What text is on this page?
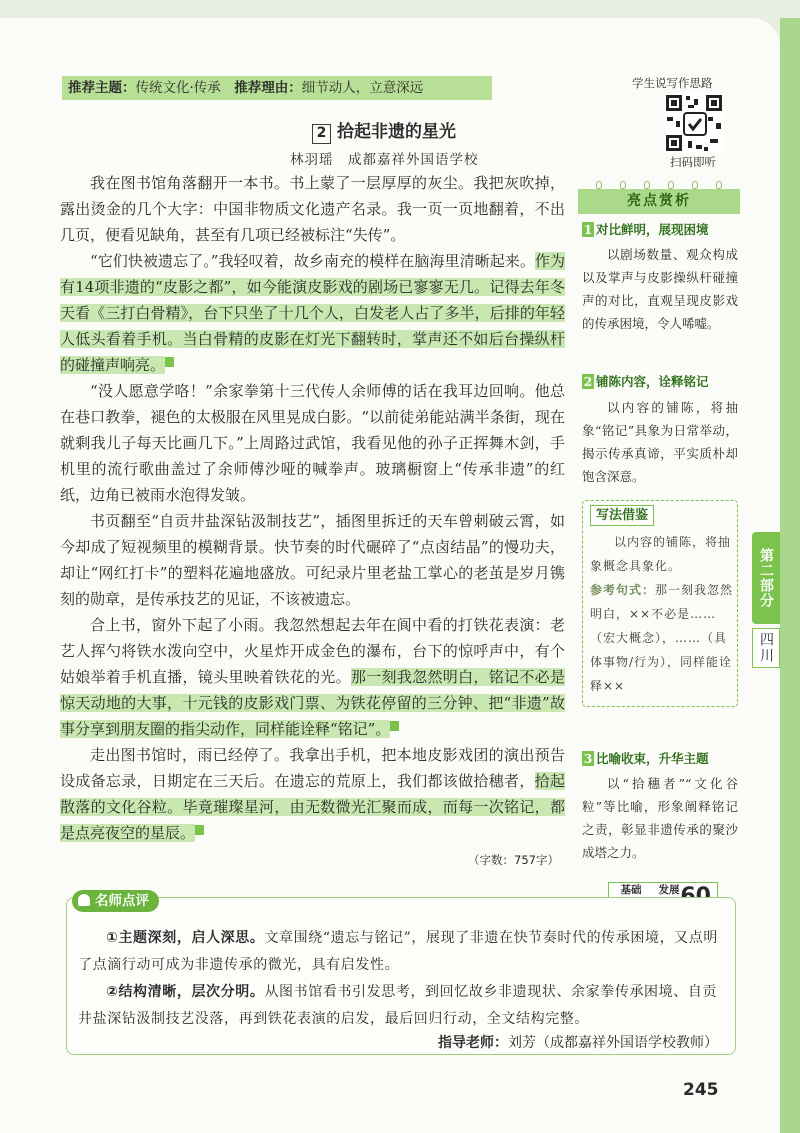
推荐主题：传统文化·传承　 推荐理由：细节动人，立意深远	学生说写作思路
扫码即听
2 拾起非遗的星光
林羽瑶　成都嘉祥外国语学校

我在图书馆角落翻开一本书。书上蒙了一层厚厚的灰尘。我把灰吹掉，露出烫金的几个大字：中国非物质文化遗产名录。我一页一页地翻着，不出几页，便看见缺角，甚至有几项已经被标注“失传”。

“它们快被遗忘了。”我轻叹着，故乡南充的模样在脑海里清晰起来。作为有14项非遗的“皮影之都”，如今能演皮影戏的剧场已寥寥无几。记得去年冬天看《三打白骨精》，台下只坐了十几个人，白发老人占了多半，后排的年轻人低头看着手机。当白骨精的皮影在灯光下翻转时，掌声还不如后台操纵杆的碰撞声响亮。	1

“没人愿意学咯！”余家拳第十三代传人余师傅的话在我耳边回响。他总在巷口教拳，褪色的太极服在风里晃成白影。“以前徒弟能站满半条街，现在就剩我儿子每天比画几下。”上周路过武馆，我看见他的孙子正挥舞木剑，手机里的流行歌曲盖过了余师傅沙哑的喊拳声。玻璃橱窗上“传承非遗”的红纸，边角已被雨水泡得发皱。

书页翻至“自贡井盐深钻汲制技艺”，插图里拆迁的天车曾刺破云霄，如今却成了短视频里的模糊背景。快节奏的时代碾碎了“点卤结晶”的慢功夫，却让“网红打卡”的塑料花遍地盛放。可纪录片里老盐工掌心的老茧是岁月镌刻的勋章，是传承技艺的见证，不该被遗忘。

合上书，窗外下起了小雨。我忽然想起去年在阆中看的打铁花表演：老艺人挥勺将铁水泼向空中，火星炸开成金色的瀑布，台下的惊呼声中，有个姑娘举着手机直播，镜头里映着铁花的光。那一刻我忽然明白，铭记不必是惊天动地的大事，十元钱的皮影戏门票、为铁花停留的三分钟、把“非遗”故事分享到朋友圈的指尖动作，同样能诠释“铭记”。	2

走出图书馆时，雨已经停了。我拿出手机，把本地皮影戏团的演出预告设成备忘录，日期定在三天后。在遗忘的荒原上，我们都该做拾穗者，拾起散落的文化谷粒。毕竟璀璨星河，由无数微光汇聚而成，而每一次铭记，都是点亮夜空的星辰。	3

（字数：757字）
亮点赏析
1 对比鲜明，展现困境
以剧场数量、观众构成以及掌声与皮影操纵杆碰撞声的对比，直观呈现皮影戏的传承困境，令人唏嘘。
2 铺陈内容，诠释铭记
以内容的铺陈，将抽象“铭记”具象为日常举动，揭示传承真谛，平实质朴却饱含深意。
写法借鉴
以内容的铺陈，将抽象概念具象化。
参考句式：那一刻我忽然明白，××不必是……（宏大概念），……（具体事物/行为），同样能诠释××
3 比喻收束，升华主题
以“拾穗者”“文化谷粒”等比喻，形象阐释铭记之责，彰显非遗传承的聚沙成塔之力。
第二部分
四川
基础 发展

名师点评

①主题深刻，启人深思。文章围绕“遗忘与铭记”，展现了非遗在快节奏时代的传承困境，又点明了点滴行动可成为非遗传承的微光，具有启发性。

②结构清晰，层次分明。从图书馆看书引发思考，到回忆故乡非遗现状、余家拳传承困境、自贡井盐深钻汲制技艺没落，再到铁花表演的启发，最后回归行动，全文结构完整。

指导老师：刘芳（成都嘉祥外国语学校教师）
245
